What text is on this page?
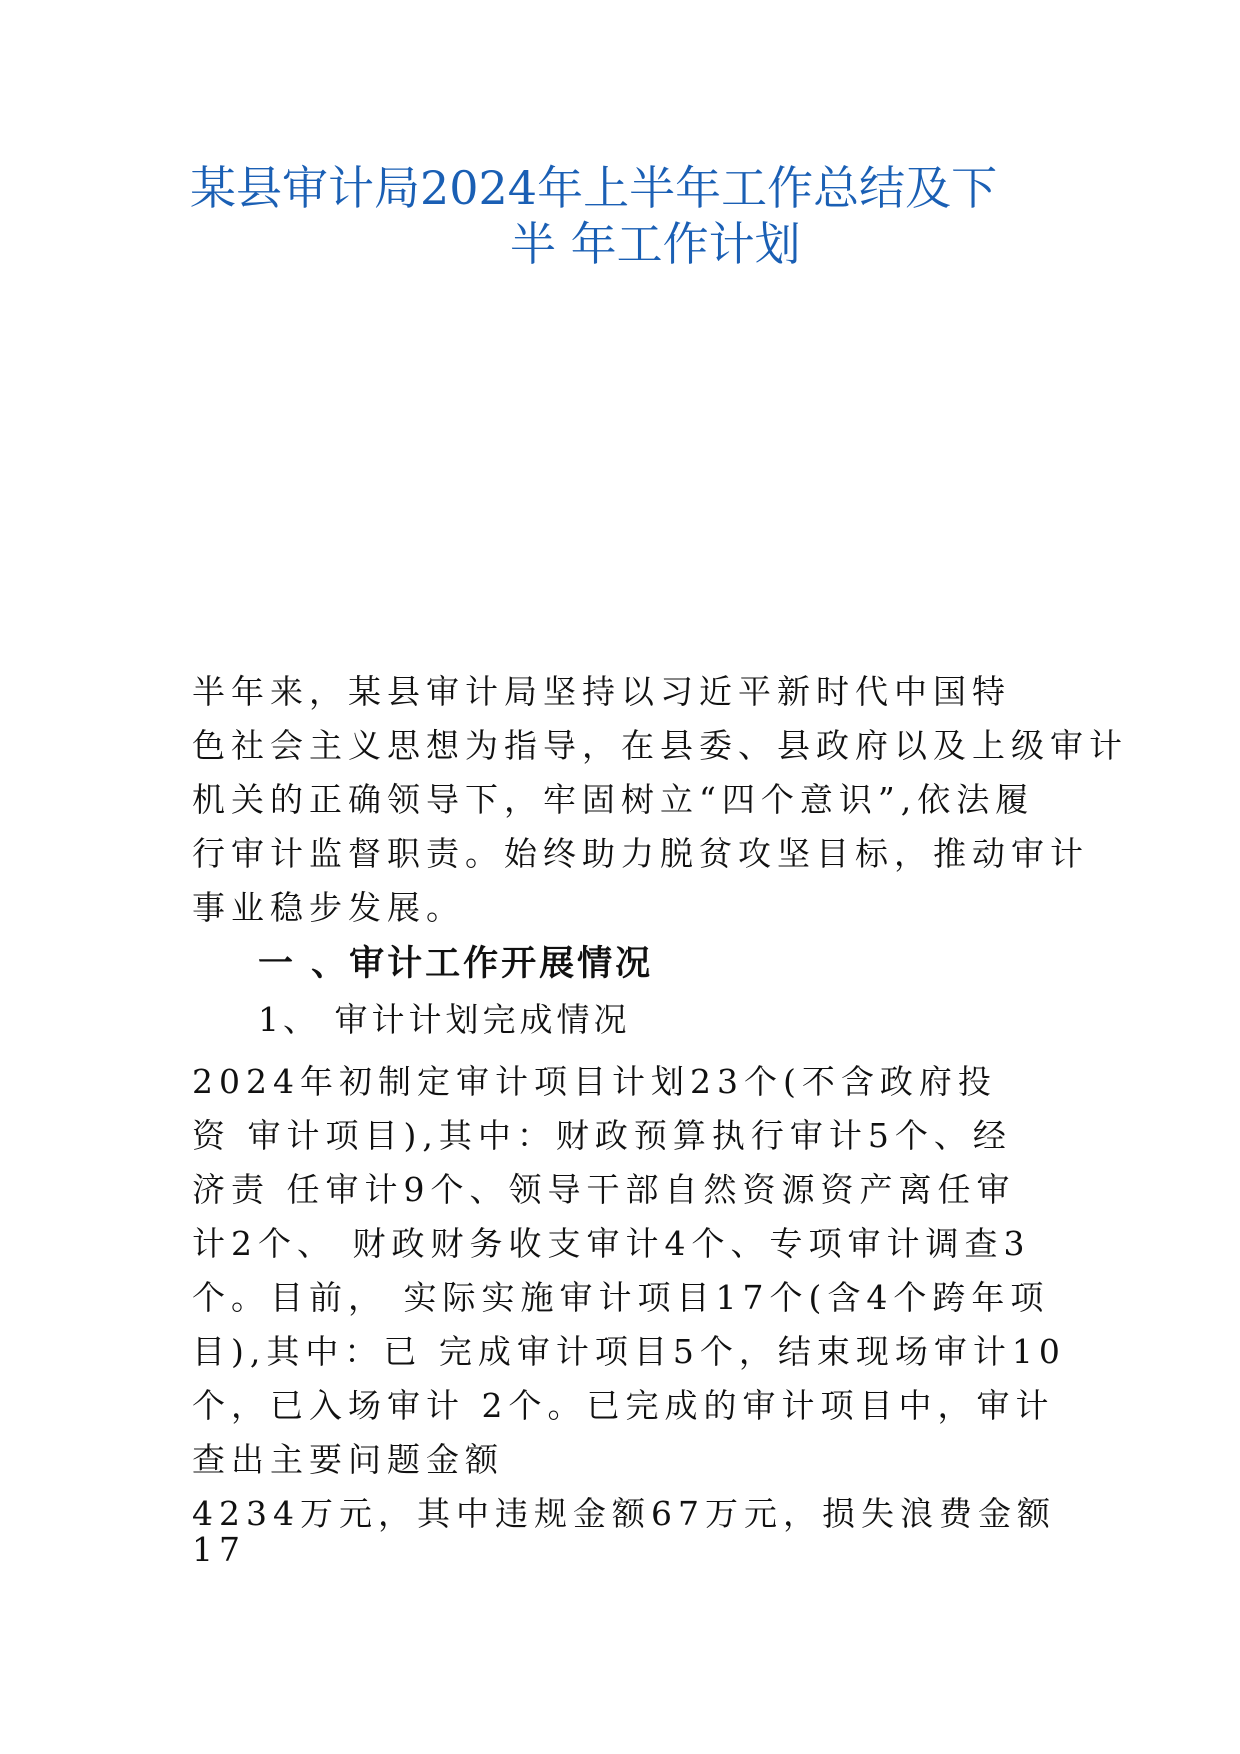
某县审计局2024年上半年工作总结及下
半 年工作计划
半年来，某县审计局坚持以习近平新时代中国特
色社会主义思想为指导，在县委、县政府以及上级审计
机关的正确领导下，牢固树立“四个意识”,依法履
行审计监督职责。始终助力脱贫攻坚目标，推动审计
事业稳步发展。
一 、审计工作开展情况
1、 审计计划完成情况
2024年初制定审计项目计划23个(不含政府投
资 审计项目),其中：财政预算执行审计5个、经
济责 任审计9个、领导干部自然资源资产离任审
计2个、 财政财务收支审计4个、专项审计调查3
个。目前， 实际实施审计项目17个(含4个跨年项
目),其中：已 完成审计项目5个，结束现场审计10
个，已入场审计 2个。已完成的审计项目中，审计
查出主要问题金额
4234万元，其中违规金额67万元，损失浪费金额
17
